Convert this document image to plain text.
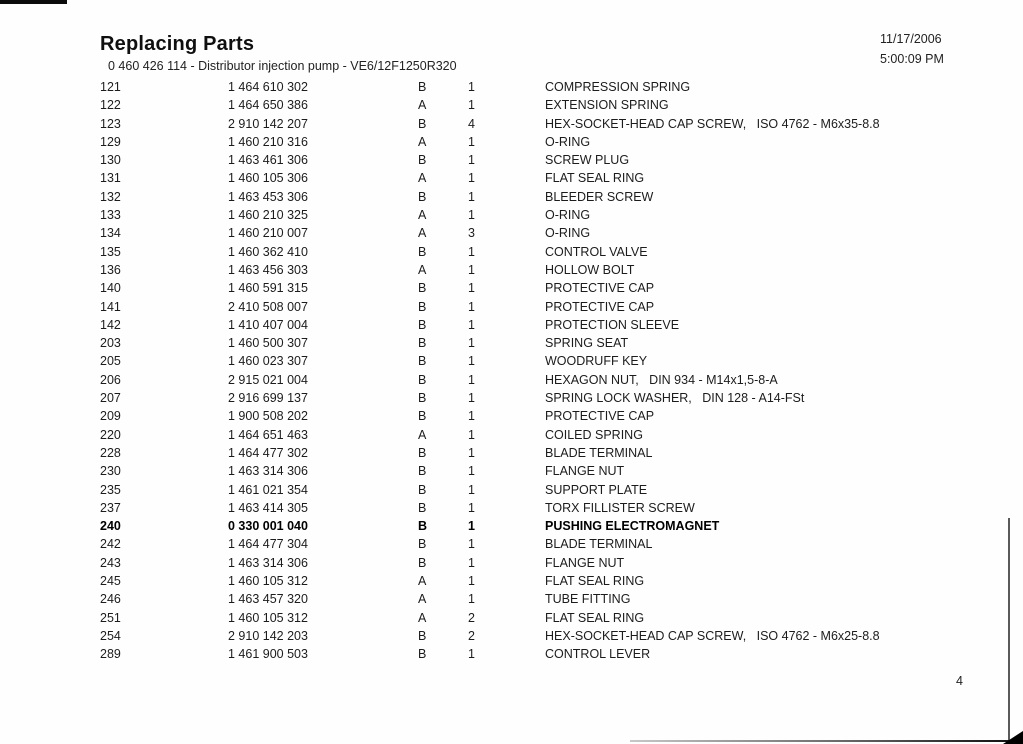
Replacing Parts
0 460 426 114 - Distributor injection pump - VE6/12F1250R320
11/17/2006
5:00:09 PM
121	1 464 610 302	B	1	COMPRESSION SPRING
122	1 464 650 386	A	1	EXTENSION SPRING
123	2 910 142 207	B	4	HEX-SOCKET-HEAD CAP SCREW,   ISO 4762 - M6x35-8.8
129	1 460 210 316	A	1	O-RING
130	1 463 461 306	B	1	SCREW PLUG
131	1 460 105 306	A	1	FLAT SEAL RING
132	1 463 453 306	B	1	BLEEDER SCREW
133	1 460 210 325	A	1	O-RING
134	1 460 210 007	A	3	O-RING
135	1 460 362 410	B	1	CONTROL VALVE
136	1 463 456 303	A	1	HOLLOW BOLT
140	1 460 591 315	B	1	PROTECTIVE CAP
141	2 410 508 007	B	1	PROTECTIVE CAP
142	1 410 407 004	B	1	PROTECTION SLEEVE
203	1 460 500 307	B	1	SPRING SEAT
205	1 460 023 307	B	1	WOODRUFF KEY
206	2 915 021 004	B	1	HEXAGON NUT,   DIN 934 - M14x1,5-8-A
207	2 916 699 137	B	1	SPRING LOCK WASHER,   DIN 128 - A14-FSt
209	1 900 508 202	B	1	PROTECTIVE CAP
220	1 464 651 463	A	1	COILED SPRING
228	1 464 477 302	B	1	BLADE TERMINAL
230	1 463 314 306	B	1	FLANGE NUT
235	1 461 021 354	B	1	SUPPORT PLATE
237	1 463 414 305	B	1	TORX FILLISTER SCREW
240	0 330 001 040	B	1	PUSHING ELECTROMAGNET
242	1 464 477 304	B	1	BLADE TERMINAL
243	1 463 314 306	B	1	FLANGE NUT
245	1 460 105 312	A	1	FLAT SEAL RING
246	1 463 457 320	A	1	TUBE FITTING
251	1 460 105 312	A	2	FLAT SEAL RING
254	2 910 142 203	B	2	HEX-SOCKET-HEAD CAP SCREW,   ISO 4762 - M6x25-8.8
289	1 461 900 503	B	1	CONTROL LEVER
4
